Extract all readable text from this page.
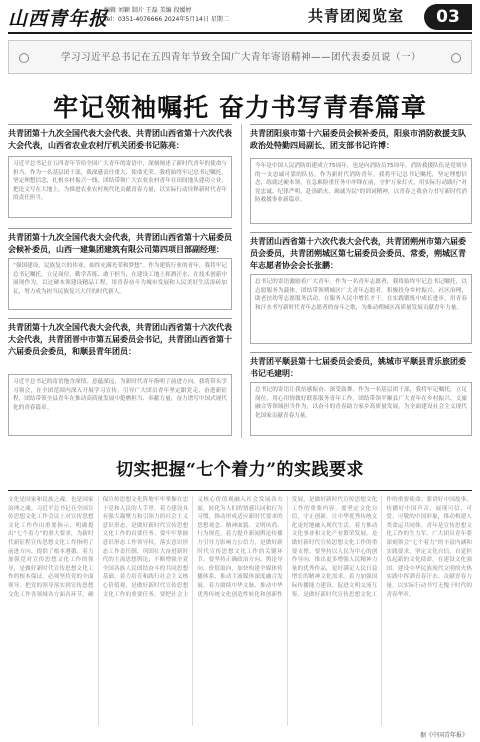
山西青年报
编辑 刘颖 制片 王磊 美编 段媛婷
Tel：0351-4076666 2024年5月14日 星期二	共青团阅览室	03
学习习近平总书记在五四青年节致全国广大青年寄语精神——团代表委员说（一）
牢记领袖嘱托 奋力书写青春篇章
共青团第十九次全国代表大会代表、共青团山西省第十六次代表大会代表，山西省农业农村厅机关团委书记陈亮：
习近平总书记在五四青年节给全国广大青年的寄语中，深刻阐述了新时代青年的使命与担当。作为一名基层团干部，我深感责任重大、使命光荣。我将始终牢记总书记嘱托，坚定理想信念，扎根乡村振兴一线，团结带领广大农业农村青年在田间地头建功立业，把论文写在大地上，为推进农业农村现代化贡献青春力量，以实际行动诠释新时代青年的责任担当。
共青团第十九次全国代表大会代表，共青团山西省第十六届委员会候补委员，山西一建集团建筑有限公司第四项目部副经理：
“强国建设、民族复兴的伟业，始终充满光荣和梦想”。作为建筑行业的青年，我将牢记总书记嘱托，立足岗位、勤学苦练、敢于担当，在建设工地上挥洒汗水，在技术创新中展现作为，以过硬本领建设精品工程，用青春奋斗为城市发展和人民美好生活添砖加瓦，努力成为担当民族复兴大任的时代新人。
共青团第十九次全国代表大会代表，共青团山西省第十六次代表大会代表，共青团晋中市第五届委员会书记，共青团山西省第十六届委员会委员，和顺县青年团员：
习近平总书记的寄语饱含深情、意蕴深远，为新时代青年指明了前进方向。我将带头学习领会，在全团范围内深入开展学习宣传，引导广大团员青年坚定跟党走、奋进新征程，团结带领全县青年在推动高质量发展中挺膺担当、奉献力量，奋力谱写中国式现代化的青春篇章。
共青团阳泉市第十六届委员会候补委员，阳泉市消防救援支队政治处特勤四局副长、团支部书记许博：
今年是中国人民消防组建成立75周年，也是向消防员75周年。消防救援队伍是党领导的一支忠诚可靠的队伍，作为新时代消防青年，我将牢记总书记嘱托，坚定理想信念，练就过硬本领，在急难险重任务中冲锋在前，守护万家灯火，用实际行动践行“对党忠诚、纪律严明、赴汤蹈火、竭诚为民”的训词精神，以青春之我奋力书写新时代消防救援事业新篇章。
共青团山西省第十六次代表大会代表，共青团朔州市第六届委员会委员，共青团朔城区第七届委员会委员、常委，朔城区青年志愿者协会会长张鹏：
总书记的寄语激励着广大青年。作为一名青年志愿者，我将始终牢记总书记嘱托，以志愿服务为载体，团结带领朔城区广大青年志愿者，积极投身乡村振兴、社区治理、助老扶幼等志愿服务活动，在服务人民中增长才干，在实践锻炼中成长进步，用青春和汗水书写新时代青年志愿者的奋斗之歌，为推动朔城区高质量发展贡献青年力量。
共青团平顺县第十七届委员会委员，姚城市平顺县青乐旅团委书记毛建明：
总书记的寄语让我倍感振奋、深受鼓舞。作为一名基层团干部，我将牢记嘱托，立足岗位，用心用情做好联系服务青年工作，团结带领平顺县广大青年在乡村振兴、文旅融合等领域担当作为，以奋斗的青春助力家乡高质量发展，为全面建设社会主义现代化国家贡献青春力量。
切实把握“七个着力”的实践要求
文化是国家和民族之魂，也是国家治理之魂。习近平总书记在全国宣传思想文化工作会议上对宣传思想文化工作作出重要指示，明确提出“七个着力”的重大要求，为新时代新征程宣传思想文化工作指明了前进方向、提供了根本遵循。着力加强党对宣传思想文化工作的领导，是做好新时代宣传思想文化工作的根本保证。必须坚持党的全面领导，把党的领导落实到宣传思想文化工作各领域各方面各环节，确保宣传思想文化阵地牢牢掌握在忠于党和人民的人手里。着力建设具有强大凝聚力和引领力的社会主义意识形态，是做好新时代宣传思想文化工作的首要任务。要牢牢掌握意识形态工作领导权，落实意识形态工作责任制，巩固壮大奋进新时代的主流思想舆论，不断增强全党全国各族人民团结奋斗的共同思想基础。着力培育和践行社会主义核心价值观，是做好新时代宣传思想文化工作的重要任务。要把社会主义核心价值观融入社会发展各方面，转化为人们的情感认同和行为习惯，推动形成适应新时代要求的思想观念、精神面貌、文明风尚、行为规范。着力提升新闻舆论传播力引导力影响力公信力，是做好新时代宣传思想文化工作的关键环节。要坚持正确政治方向、舆论导向、价值取向，加快构建全媒体传播体系，推动主流媒体深度融合发展。着力赓续中华文脉、推动中华优秀传统文化创造性转化和创新性发展，是做好新时代宣传思想文化工作的重要内容。要坚定文化自信，守正创新，让中华优秀传统文化更好地融入现代生活。着力推动文化事业和文化产业繁荣发展，是做好新时代宣传思想文化工作的重要支撑。要坚持以人民为中心的创作导向，推出更多增强人民精神力量的优秀作品，更好满足人民日益增长的精神文化需求。着力加强国际传播能力建设、促进文明交流互鉴，是做好新时代宣传思想文化工作的重要使命。要讲好中国故事、传播好中国声音，展现可信、可爱、可敬的中国形象，推动构建人类命运共同体。青年是宣传思想文化工作的生力军，广大团员青年要深刻领会“七个着力”的丰富内涵和实践要求，坚定文化自信，自觉担负起新的文化使命，在建设文化强国、建设中华民族现代文明的火热实践中挥洒青春汗水、贡献青春力量，以实际行动书写无愧于时代的青春华章。
据《中国青年报》
